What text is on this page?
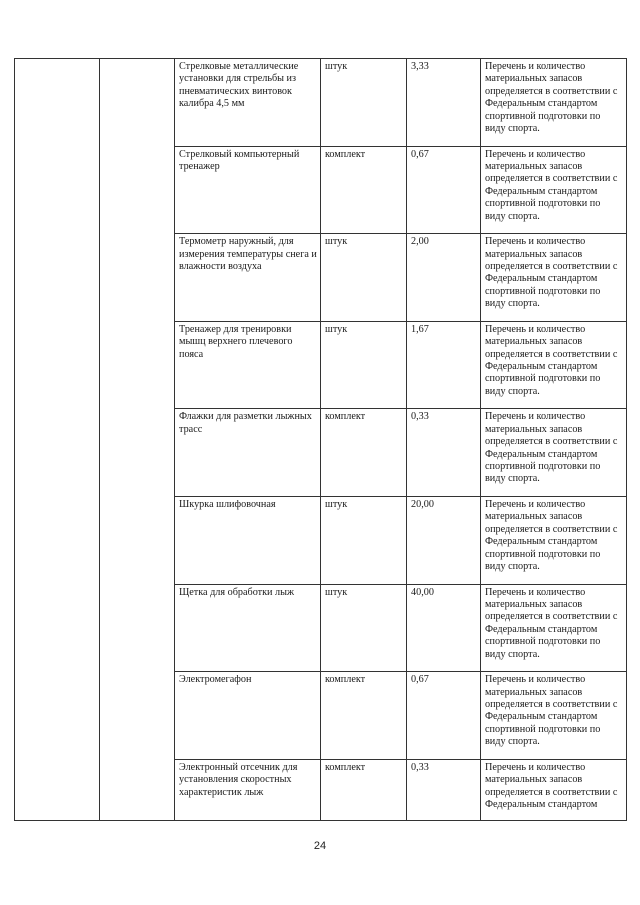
		Стрелковые металлические установки для стрельбы из пневматических винтовок калибра 4,5 мм	штук	3,33	Перечень и количество материальных запасов определяется в соответствии с Федеральным стандартом спортивной подготовки по виду спорта.
		Стрелковый компьютерный тренажер	комплект	0,67	Перечень и количество материальных запасов определяется в соответствии с Федеральным стандартом спортивной подготовки по виду спорта.
		Термометр наружный, для измерения температуры снега и влажности воздуха	штук	2,00	Перечень и количество материальных запасов определяется в соответствии с Федеральным стандартом спортивной подготовки по виду спорта.
		Тренажер для тренировки мышц верхнего плечевого пояса	штук	1,67	Перечень и количество материальных запасов определяется в соответствии с Федеральным стандартом спортивной подготовки по виду спорта.
		Флажки для разметки лыжных трасс	комплект	0,33	Перечень и количество материальных запасов определяется в соответствии с Федеральным стандартом спортивной подготовки по виду спорта.
		Шкурка шлифовочная	штук	20,00	Перечень и количество материальных запасов определяется в соответствии с Федеральным стандартом спортивной подготовки по виду спорта.
		Щетка для обработки лыж	штук	40,00	Перечень и количество материальных запасов определяется в соответствии с Федеральным стандартом спортивной подготовки по виду спорта.
		Электромегафон	комплект	0,67	Перечень и количество материальных запасов определяется в соответствии с Федеральным стандартом спортивной подготовки по виду спорта.
		Электронный отсечник для установления скоростных характеристик лыж	комплект	0,33	Перечень и количество материальных запасов определяется в соответствии с Федеральным стандартом
24
